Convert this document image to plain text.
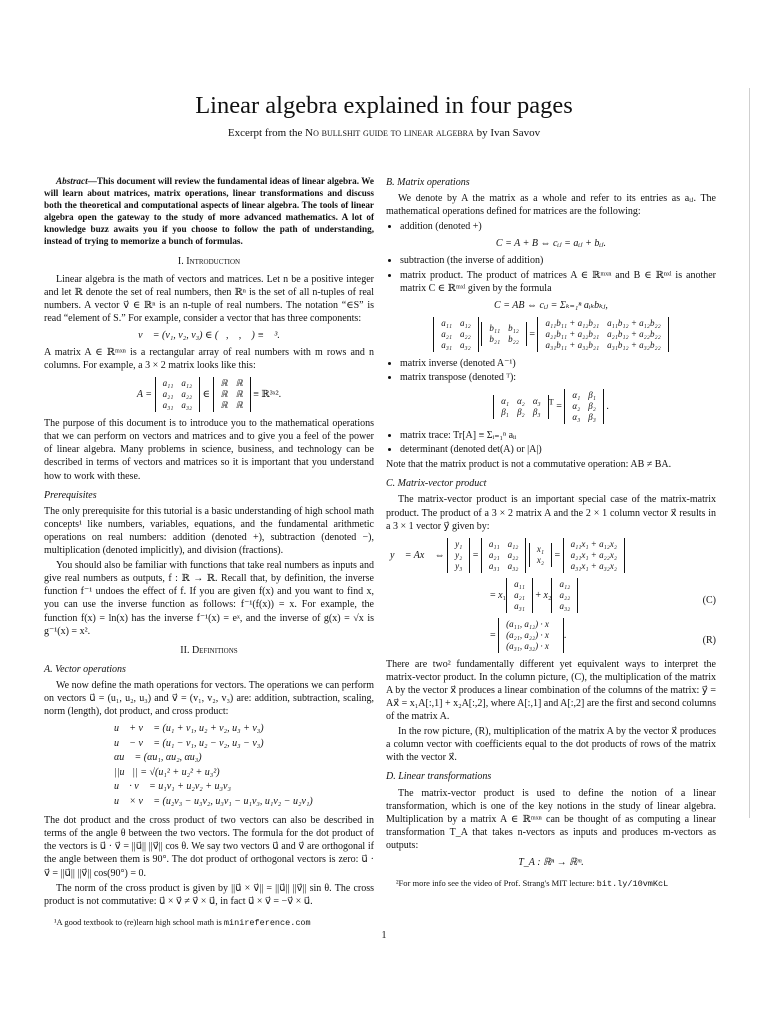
Linear algebra explained in four pages
Excerpt from the No bullshit guide to linear algebra by Ivan Savov

Abstract—This document will review the fundamental ideas of linear algebra. We will learn about matrices, matrix operations, linear transformations and discuss both the theoretical and computational aspects of linear algebra. The tools of linear algebra open the gateway to the study of more advanced mathematics. A lot of knowledge buzz awaits you if you choose to follow the path of understanding, instead of trying to memorize a bunch of formulas.

I. Introduction

Linear algebra is the math of vectors and matrices. Let n be a positive integer and let ℝ denote the set of real numbers, then ℝⁿ is the set of all n-tuples of real numbers. A vector v⃗ ∈ ℝⁿ is an n-tuple of real numbers. The notation “∈S” is read “element of S.” For example, consider a vector that has three components:

v⃗ = (v₁, v₂, v₃) ∈ (ℝ, ℝ, ℝ) ≡ ℝ³.

A matrix A ∈ ℝᵐˣⁿ is a rectangular array of real numbers with m rows and n columns. For example, a 3 × 2 matrix looks like this:

A =
a₁₁	a₁₂
a₂₁	a₂₂
a₃₁	a₃₂
∈
ℝ	ℝ
ℝ	ℝ
ℝ	ℝ
≡ ℝ³ˣ².

The purpose of this document is to introduce you to the mathematical operations that we can perform on vectors and matrices and to give you a feel of the power of linear algebra. Many problems in science, business, and technology can be described in terms of vectors and matrices so it is important that you understand how to work with these.

Prerequisites

The only prerequisite for this tutorial is a basic understanding of high school math concepts¹ like numbers, variables, equations, and the fundamental arithmetic operations on real numbers: addition (denoted +), subtraction (denoted −), multiplication (denoted implicitly), and division (fractions).

You should also be familiar with functions that take real numbers as inputs and give real numbers as outputs, f : ℝ → ℝ. Recall that, by definition, the inverse function f⁻¹ undoes the effect of f. If you are given f(x) and you want to find x, you can use the inverse function as follows: f⁻¹(f(x)) = x. For example, the function f(x) = ln(x) has the inverse f⁻¹(x) = eˣ, and the inverse of g(x) = √x is g⁻¹(x) = x².

II. Definitions
A. Vector operations

We now define the math operations for vectors. The operations we can perform on vectors u⃗ = (u₁, u₂, u₃) and v⃗ = (v₁, v₂, v₃) are: addition, subtraction, scaling, norm (length), dot product, and cross product:

u⃗ + v⃗ = (u₁ + v₁, u₂ + v₂, u₃ + v₃)
u⃗ − v⃗ = (u₁ − v₁, u₂ − v₂, u₃ − v₃)
αu⃗ = (αu₁, αu₂, αu₃)
||u⃗|| = √(u₁² + u₂² + u₃²)
u⃗ · v⃗ = u₁v₁ + u₂v₂ + u₃v₃
u⃗ × v⃗ = (u₂v₃ − u₃v₂, u₃v₁ − u₁v₃, u₁v₂ − u₂v₁)

The dot product and the cross product of two vectors can also be described in terms of the angle θ between the two vectors. The formula for the dot product of the vectors is u⃗ · v⃗ = ||u⃗|| ||v⃗|| cos θ. We say two vectors u⃗ and v⃗ are orthogonal if the angle between them is 90°. The dot product of orthogonal vectors is zero: u⃗ · v⃗ = ||u⃗|| ||v⃗|| cos(90°) = 0.

The norm of the cross product is given by ||u⃗ × v⃗|| = ||u⃗|| ||v⃗|| sin θ. The cross product is not commutative: u⃗ × v⃗ ≠ v⃗ × u⃗, in fact u⃗ × v⃗ = −v⃗ × u⃗.

¹A good textbook to (re)learn high school math is minireference.com

B. Matrix operations

We denote by A the matrix as a whole and refer to its entries as aᵢⱼ. The mathematical operations defined for matrices are the following:

• addition (denoted +)
C = A + B ⇔ cᵢⱼ = aᵢⱼ + bᵢⱼ.
• subtraction (the inverse of addition)
• matrix product. The product of matrices A ∈ ℝᵐˣⁿ and B ∈ ℝⁿˣˡ is another matrix C ∈ ℝᵐˣˡ given by the formula
C = AB ⇔ cᵢⱼ = Σₖ₌₁ⁿ aᵢₖbₖⱼ,
a₁₁	a₁₂
a₂₁	a₂₂
a₃₁	a₃₂

b₁₁	b₁₂
b₂₁	b₂₂ =
a₁₁b₁₁ + a₁₂b₂₁	a₁₁b₁₂ + a₁₂b₂₂
a₂₁b₁₁ + a₂₂b₂₁	a₂₁b₁₂ + a₂₂b₂₂
a₃₁b₁₁ + a₃₂b₂₁	a₃₁b₁₂ + a₃₂b₂₂
• matrix inverse (denoted A⁻¹)
• matrix transpose (denoted ᵀ):
α₁	α₂	α₃
β₁	β₂	β₃
$^T$ =
α₁	β₁
α₂	β₂
α₃	β₃
.
• matrix trace: Tr[A] ≡ Σᵢ₌₁ⁿ aᵢᵢ
• determinant (denoted det(A) or |A|)

Note that the matrix product is not a commutative operation: AB ≠ BA.

C. Matrix-vector product

The matrix-vector product is an important special case of the matrix-matrix product. The product of a 3 × 2 matrix A and the 2 × 1 column vector x⃗ results in a 3 × 1 vector y⃗ given by:

y⃗ = Ax⃗ ⇔
y₁
y₂
y₃
=
a₁₁	a₁₂
a₂₁	a₂₂
a₃₁	a₃₂

x₁
x₂ =
a₁₁x₁ + a₁₂x₂
a₂₁x₁ + a₂₂x₂
a₃₁x₁ + a₃₂x₂
= x₁
a₁₁
a₂₁
a₃₁
+ x₂
a₁₂
a₂₂
a₃₂	(C)
=
(a₁₁, a₁₂) · x⃗
(a₂₁, a₂₂) · x⃗
(a₃₁, a₃₂) · x⃗
.	(R)

There are two² fundamentally different yet equivalent ways to interpret the matrix-vector product. In the column picture, (C), the multiplication of the matrix A by the vector x⃗ produces a linear combination of the columns of the matrix: y⃗ = Ax⃗ = x₁A[:,1] + x₂A[:,2], where A[:,1] and A[:,2] are the first and second columns of the matrix A.

In the row picture, (R), multiplication of the matrix A by the vector x⃗ produces a column vector with coefficients equal to the dot products of rows of the matrix with the vector x⃗.

D. Linear transformations

The matrix-vector product is used to define the notion of a linear transformation, which is one of the key notions in the study of linear algebra. Multiplication by a matrix A ∈ ℝᵐˣⁿ can be thought of as computing a linear transformation T_A that takes n-vectors as inputs and produces m-vectors as outputs:

T_A : ℝⁿ → ℝᵐ.

²For more info see the video of Prof. Strang's MIT lecture: bit.ly/10vmKcL

1
